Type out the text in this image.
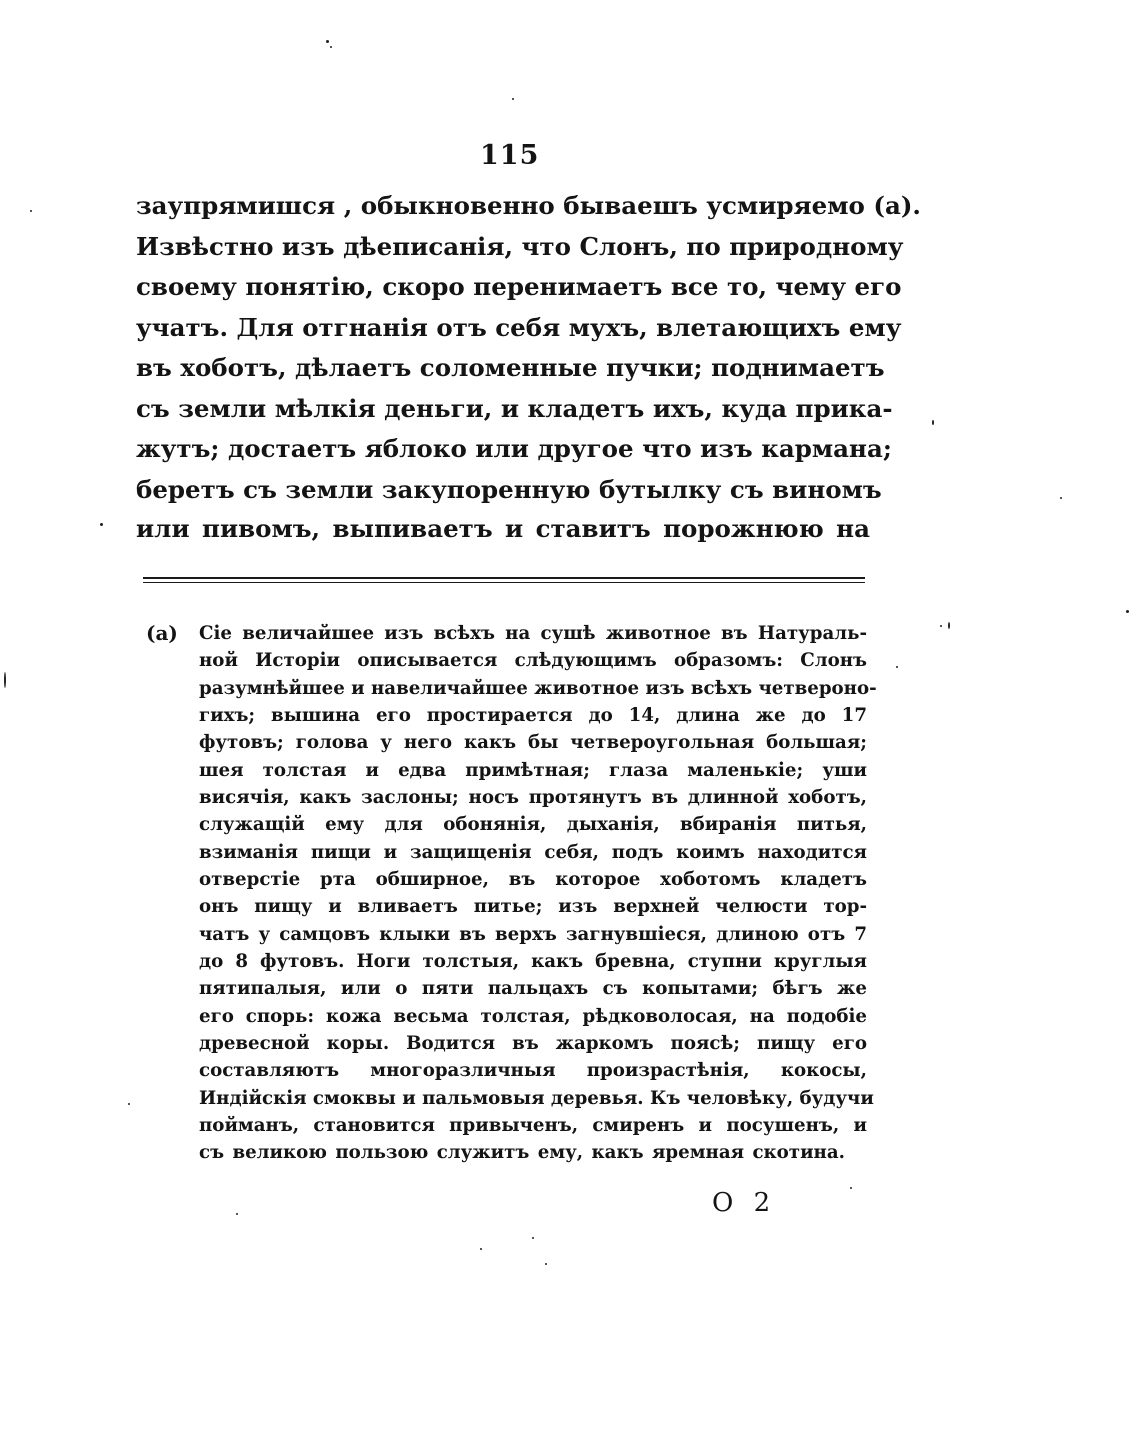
115
заупрямишся , обыкновенно бываешъ усмиряемо (a).
Извѣстно изъ дѣеписанія, что Слонъ, по природному
своему понятію, скоро перенимаетъ все то, чему его
учатъ. Для отгнанія отъ себя мухъ, влетающихъ ему
въ хоботъ, дѣлаетъ соломенные пучки; поднимаетъ
съ земли мѣлкія деньги, и кладетъ ихъ, куда прика-
жутъ; достаетъ яблоко или другое что изъ кармана;
беретъ съ земли закупоренную бутылку съ виномъ
или пивомъ, выпиваетъ и ставитъ порожнюю на
(a) Сіе величайшее изъ всѣхъ на сушѣ животное въ Натураль-
ной Исторіи описывается слѣдующимъ образомъ: Слонъ
разумнѣйшее и навеличайшее животное изъ всѣхъ четвероно-
гихъ; вышина его простирается до 14, длина же до 17
футовъ; голова у него какъ бы четвероугольная большая;
шея толстая и едва примѣтная; глаза маленькіе; уши
висячія, какъ заслоны; носъ протянутъ въ длинной хоботъ,
служащій ему для обонянія, дыханія, вбиранія питья,
взиманія пищи и защищенія себя, подъ коимъ находится
отверстіе рта обширное, въ которое хоботомъ кладетъ
онъ пищу и вливаетъ питье; изъ верхней челюсти тор-
чатъ у самцовъ клыки въ верхъ загнувшіеся, длиною отъ 7
до 8 футовъ. Ноги толстыя, какъ бревна, ступни круглыя
пятипалыя, или о пяти пальцахъ съ копытами; бѣгъ же
его спорь: кожа весьма толстая, рѣдковолосая, на подобіе
древесной коры. Водится въ жаркомъ поясѣ; пищу его
составляютъ многоразличныя произрастѣнія, кокосы,
Индійскія смоквы и пальмовыя деревья. Къ человѣку, будучи
пойманъ, становится привыченъ, смиренъ и посушенъ, и
съ великою пользою служитъ ему, какъ яремная скотина.
O 2
